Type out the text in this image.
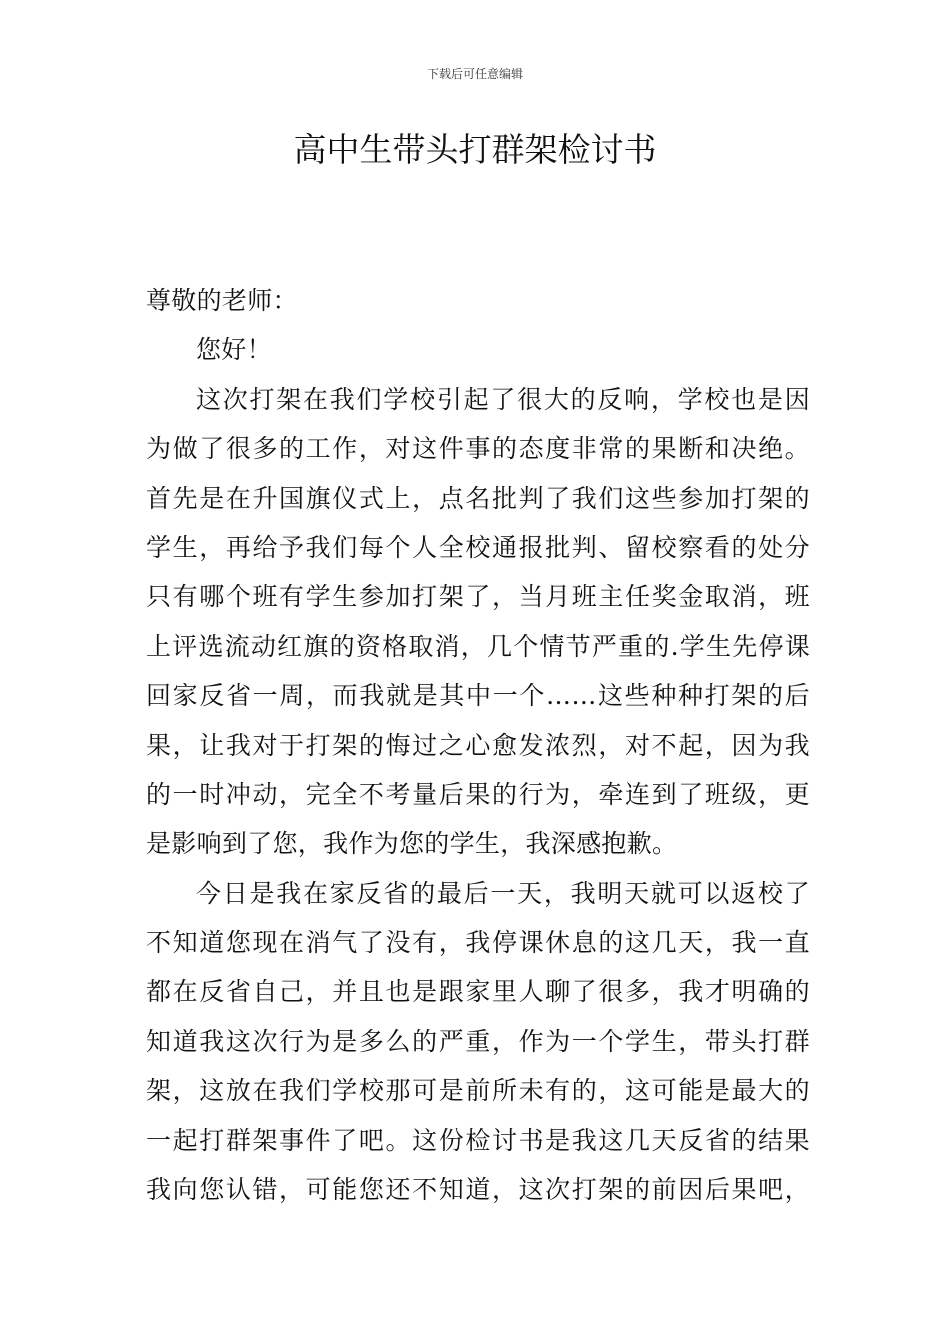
下载后可任意编辑
高中生带头打群架检讨书
尊敬的老师：
您好！
这次打架在我们学校引起了很大的反响，学校也是因
为做了很多的工作，对这件事的态度非常的果断和决绝。
首先是在升国旗仪式上，点名批判了我们这些参加打架的
学生，再给予我们每个人全校通报批判、留校察看的处分
只有哪个班有学生参加打架了，当月班主任奖金取消，班
上评选流动红旗的资格取消，几个情节严重的.学生先停课
回家反省一周，而我就是其中一个……这些种种打架的后
果，让我对于打架的悔过之心愈发浓烈，对不起，因为我
的一时冲动，完全不考量后果的行为，牵连到了班级，更
是影响到了您，我作为您的学生，我深感抱歉。
今日是我在家反省的最后一天，我明天就可以返校了
不知道您现在消气了没有，我停课休息的这几天，我一直
都在反省自己，并且也是跟家里人聊了很多，我才明确的
知道我这次行为是多么的严重，作为一个学生，带头打群
架，这放在我们学校那可是前所未有的，这可能是最大的
一起打群架事件了吧。这份检讨书是我这几天反省的结果
我向您认错，可能您还不知道，这次打架的前因后果吧，
